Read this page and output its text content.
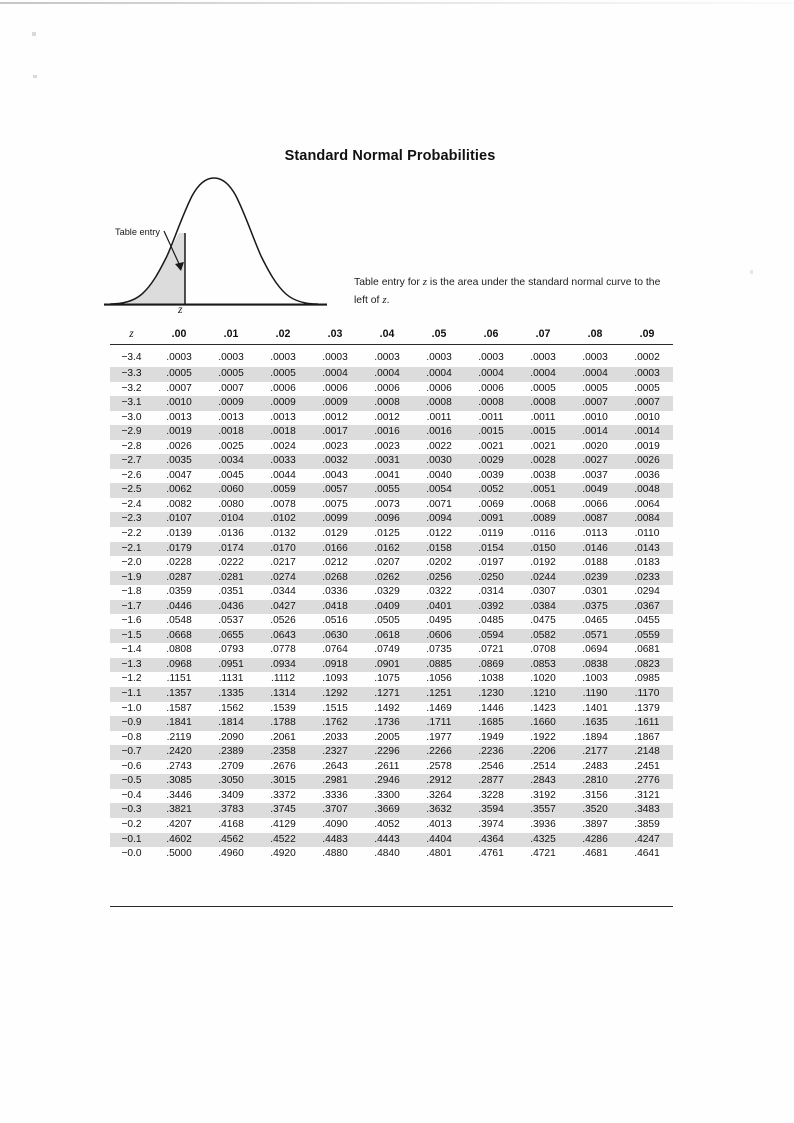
Standard Normal Probabilities
Table entry
z
Table entry for z is the area under the standard normal curve to the left of z.
z	.00	.01	.02	.03	.04	.05	.06	.07	.08	.09
−3.4	.0003	.0003	.0003	.0003	.0003	.0003	.0003	.0003	.0003	.0002
−3.3	.0005	.0005	.0005	.0004	.0004	.0004	.0004	.0004	.0004	.0003
−3.2	.0007	.0007	.0006	.0006	.0006	.0006	.0006	.0005	.0005	.0005
−3.1	.0010	.0009	.0009	.0009	.0008	.0008	.0008	.0008	.0007	.0007
−3.0	.0013	.0013	.0013	.0012	.0012	.0011	.0011	.0011	.0010	.0010
−2.9	.0019	.0018	.0018	.0017	.0016	.0016	.0015	.0015	.0014	.0014
−2.8	.0026	.0025	.0024	.0023	.0023	.0022	.0021	.0021	.0020	.0019
−2.7	.0035	.0034	.0033	.0032	.0031	.0030	.0029	.0028	.0027	.0026
−2.6	.0047	.0045	.0044	.0043	.0041	.0040	.0039	.0038	.0037	.0036
−2.5	.0062	.0060	.0059	.0057	.0055	.0054	.0052	.0051	.0049	.0048
−2.4	.0082	.0080	.0078	.0075	.0073	.0071	.0069	.0068	.0066	.0064
−2.3	.0107	.0104	.0102	.0099	.0096	.0094	.0091	.0089	.0087	.0084
−2.2	.0139	.0136	.0132	.0129	.0125	.0122	.0119	.0116	.0113	.0110
−2.1	.0179	.0174	.0170	.0166	.0162	.0158	.0154	.0150	.0146	.0143
−2.0	.0228	.0222	.0217	.0212	.0207	.0202	.0197	.0192	.0188	.0183
−1.9	.0287	.0281	.0274	.0268	.0262	.0256	.0250	.0244	.0239	.0233
−1.8	.0359	.0351	.0344	.0336	.0329	.0322	.0314	.0307	.0301	.0294
−1.7	.0446	.0436	.0427	.0418	.0409	.0401	.0392	.0384	.0375	.0367
−1.6	.0548	.0537	.0526	.0516	.0505	.0495	.0485	.0475	.0465	.0455
−1.5	.0668	.0655	.0643	.0630	.0618	.0606	.0594	.0582	.0571	.0559
−1.4	.0808	.0793	.0778	.0764	.0749	.0735	.0721	.0708	.0694	.0681
−1.3	.0968	.0951	.0934	.0918	.0901	.0885	.0869	.0853	.0838	.0823
−1.2	.1151	.1131	.1112	.1093	.1075	.1056	.1038	.1020	.1003	.0985
−1.1	.1357	.1335	.1314	.1292	.1271	.1251	.1230	.1210	.1190	.1170
−1.0	.1587	.1562	.1539	.1515	.1492	.1469	.1446	.1423	.1401	.1379
−0.9	.1841	.1814	.1788	.1762	.1736	.1711	.1685	.1660	.1635	.1611
−0.8	.2119	.2090	.2061	.2033	.2005	.1977	.1949	.1922	.1894	.1867
−0.7	.2420	.2389	.2358	.2327	.2296	.2266	.2236	.2206	.2177	.2148
−0.6	.2743	.2709	.2676	.2643	.2611	.2578	.2546	.2514	.2483	.2451
−0.5	.3085	.3050	.3015	.2981	.2946	.2912	.2877	.2843	.2810	.2776
−0.4	.3446	.3409	.3372	.3336	.3300	.3264	.3228	.3192	.3156	.3121
−0.3	.3821	.3783	.3745	.3707	.3669	.3632	.3594	.3557	.3520	.3483
−0.2	.4207	.4168	.4129	.4090	.4052	.4013	.3974	.3936	.3897	.3859
−0.1	.4602	.4562	.4522	.4483	.4443	.4404	.4364	.4325	.4286	.4247
−0.0	.5000	.4960	.4920	.4880	.4840	.4801	.4761	.4721	.4681	.4641
